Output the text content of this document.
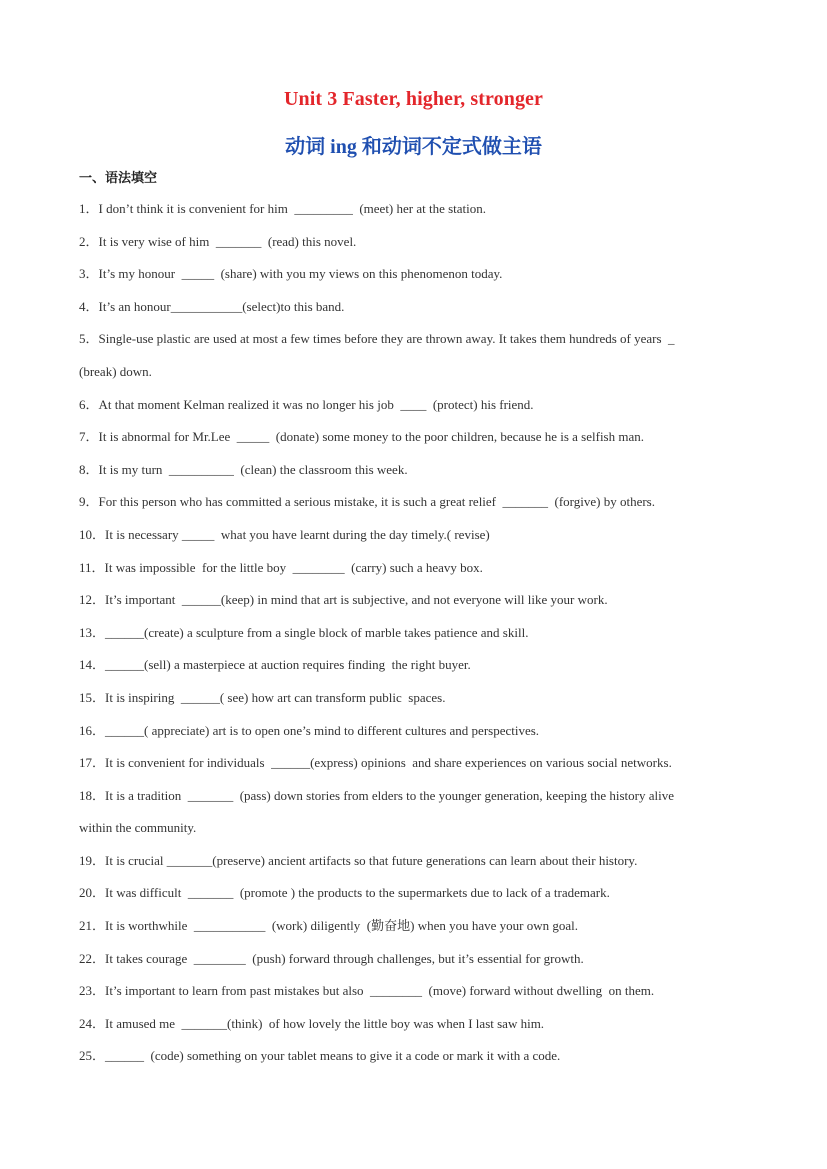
Unit 3 Faster, higher, stronger
动词 ing 和动词不定式做主语
一、语法填空
1．I don’t think it is convenient for him  _________  (meet) her at the station.
2．It is very wise of him  _______  (read) this novel.
3．It’s my honour  _____  (share) with you my views on this phenomenon today.
4．It’s an honour___________(select)to this band.
5．Single-use plastic are used at most a few times before they are thrown away. It takes them hundreds of years  _
(break) down.
6．At that moment Kelman realized it was no longer his job  ____  (protect) his friend.
7．It is abnormal for Mr.Lee  _____  (donate) some money to the poor children, because he is a selfish man.
8．It is my turn  __________  (clean) the classroom this week.
9．For this person who has committed a serious mistake, it is such a great relief  _______  (forgive) by others.
10．It is necessary _____  what you have learnt during the day timely.( revise)
11．It was impossible  for the little boy  ________  (carry) such a heavy box.
12．It’s important  ______(keep) in mind that art is subjective, and not everyone will like your work.
13．______(create) a sculpture from a single block of marble takes patience and skill.
14．______(sell) a masterpiece at auction requires finding  the right buyer.
15．It is inspiring  ______( see) how art can transform public  spaces.
16．______( appreciate) art is to open one’s mind to different cultures and perspectives.
17．It is convenient for individuals  ______(express) opinions  and share experiences on various social networks.
18．It is a tradition  _______  (pass) down stories from elders to the younger generation, keeping the history alive
within the community.
19．It is crucial _______(preserve) ancient artifacts so that future generations can learn about their history.
20．It was difficult  _______  (promote ) the products to the supermarkets due to lack of a trademark.
21．It is worthwhile  ___________  (work) diligently  (勤奋地) when you have your own goal.
22．It takes courage  ________  (push) forward through challenges, but it’s essential for growth.
23．It’s important to learn from past mistakes but also  ________  (move) forward without dwelling  on them.
24．It amused me  _______(think)  of how lovely the little boy was when I last saw him.
25．______  (code) something on your tablet means to give it a code or mark it with a code.
